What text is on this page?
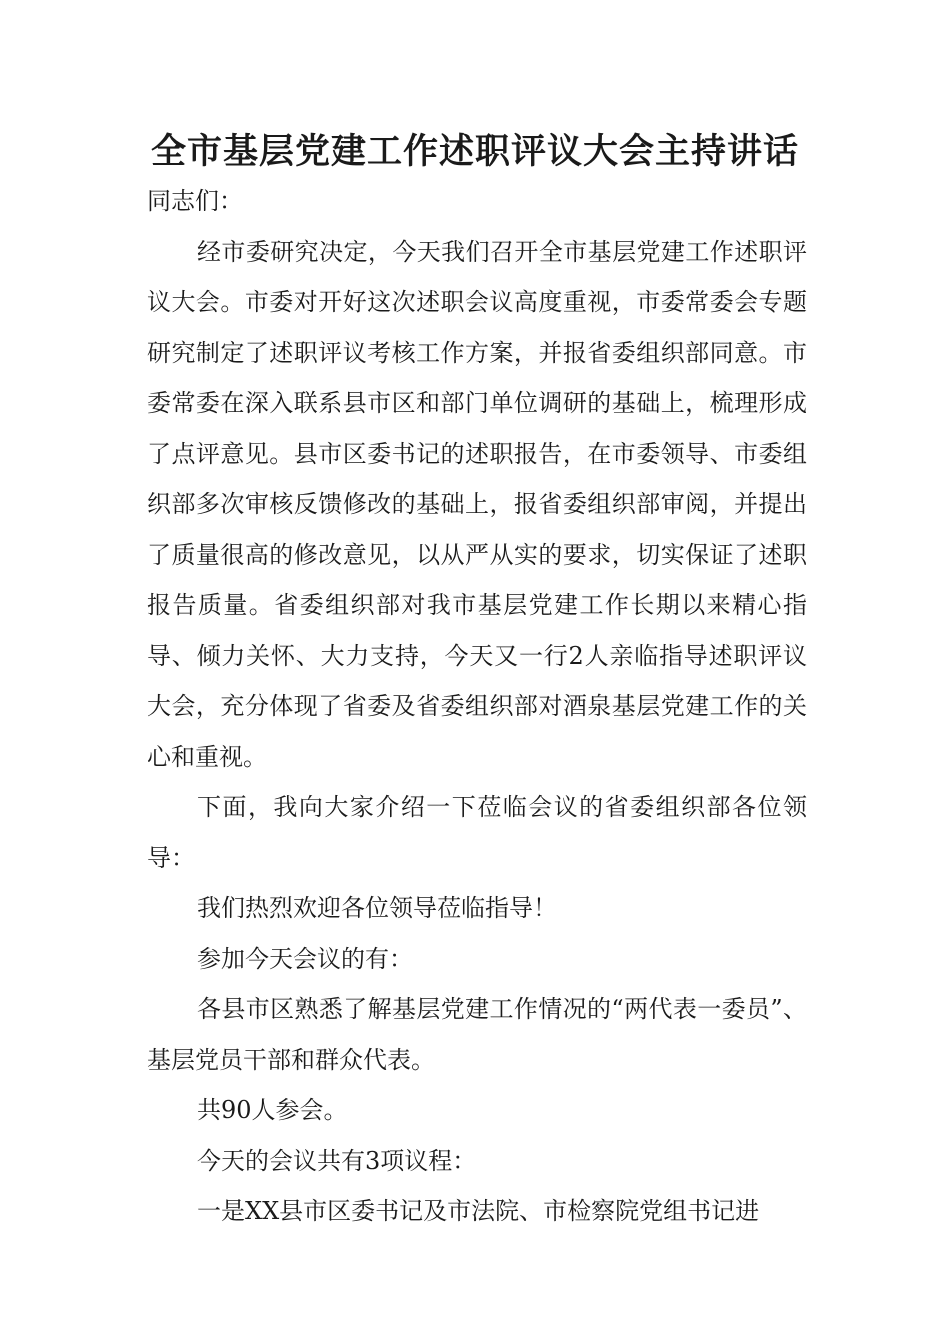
全市基层党建工作述职评议大会主持讲话

同志们：

经市委研究决定，今天我们召开全市基层党建工作述职评议大会。市委对开好这次述职会议高度重视，市委常委会专题研究制定了述职评议考核工作方案，并报省委组织部同意。市委常委在深入联系县市区和部门单位调研的基础上，梳理形成了点评意见。县市区委书记的述职报告，在市委领导、市委组织部多次审核反馈修改的基础上，报省委组织部审阅，并提出了质量很高的修改意见，以从严从实的要求，切实保证了述职报告质量。省委组织部对我市基层党建工作长期以来精心指导、倾力关怀、大力支持，今天又一行2人亲临指导述职评议大会，充分体现了省委及省委组织部对酒泉基层党建工作的关心和重视。

下面，我向大家介绍一下莅临会议的省委组织部各位领导：

我们热烈欢迎各位领导莅临指导！

参加今天会议的有：

各县市区熟悉了解基层党建工作情况的“两代表一委员”、基层党员干部和群众代表。

共90人参会。

今天的会议共有3项议程：

一是XX县市区委书记及市法院、市检察院党组书记进
